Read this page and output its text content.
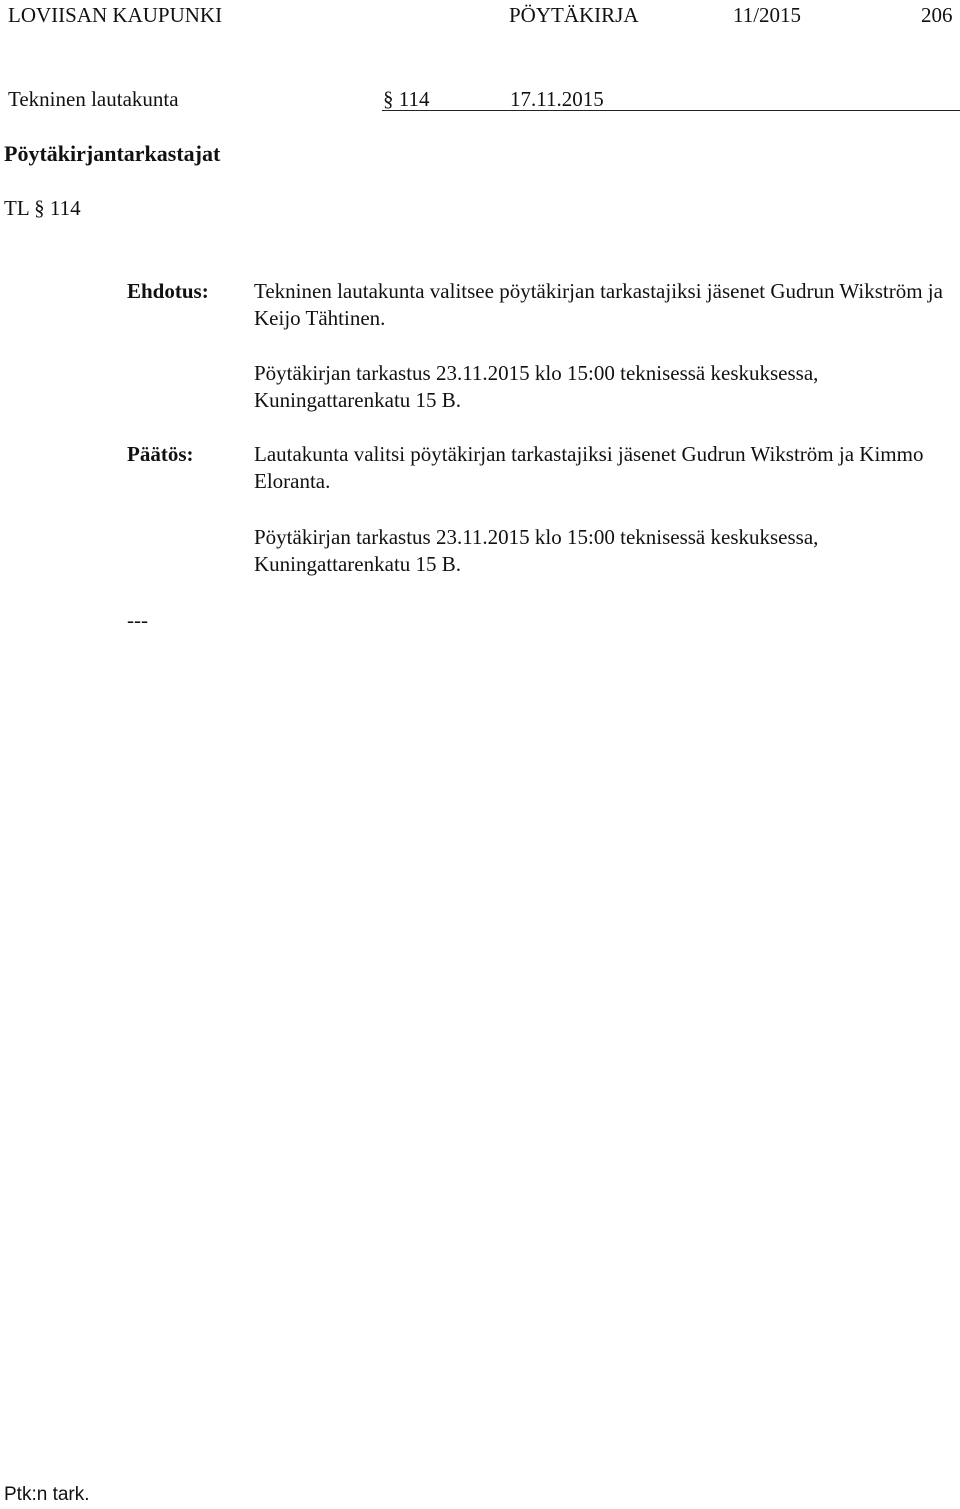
LOVIISAN KAUPUNKI	PÖYTÄKIRJA	11/2015	206
Tekninen lautakunta	§ 114	17.11.2015
Pöytäkirjantarkastajat
TL § 114
Ehdotus: Tekninen lautakunta valitsee pöytäkirjan tarkastajiksi jäsenet Gudrun Wikström ja Keijo Tähtinen.

Pöytäkirjan tarkastus 23.11.2015 klo 15:00 teknisessä keskuksessa, Kuningattarenkatu 15 B.

Päätös:	Lautakunta valitsi pöytäkirjan tarkastajiksi jäsenet Gudrun Wikström ja Kimmo Eloranta.

Pöytäkirjan tarkastus 23.11.2015 klo 15:00 teknisessä keskuksessa, Kuningattarenkatu 15 B.

---
Ptk:n tark.
